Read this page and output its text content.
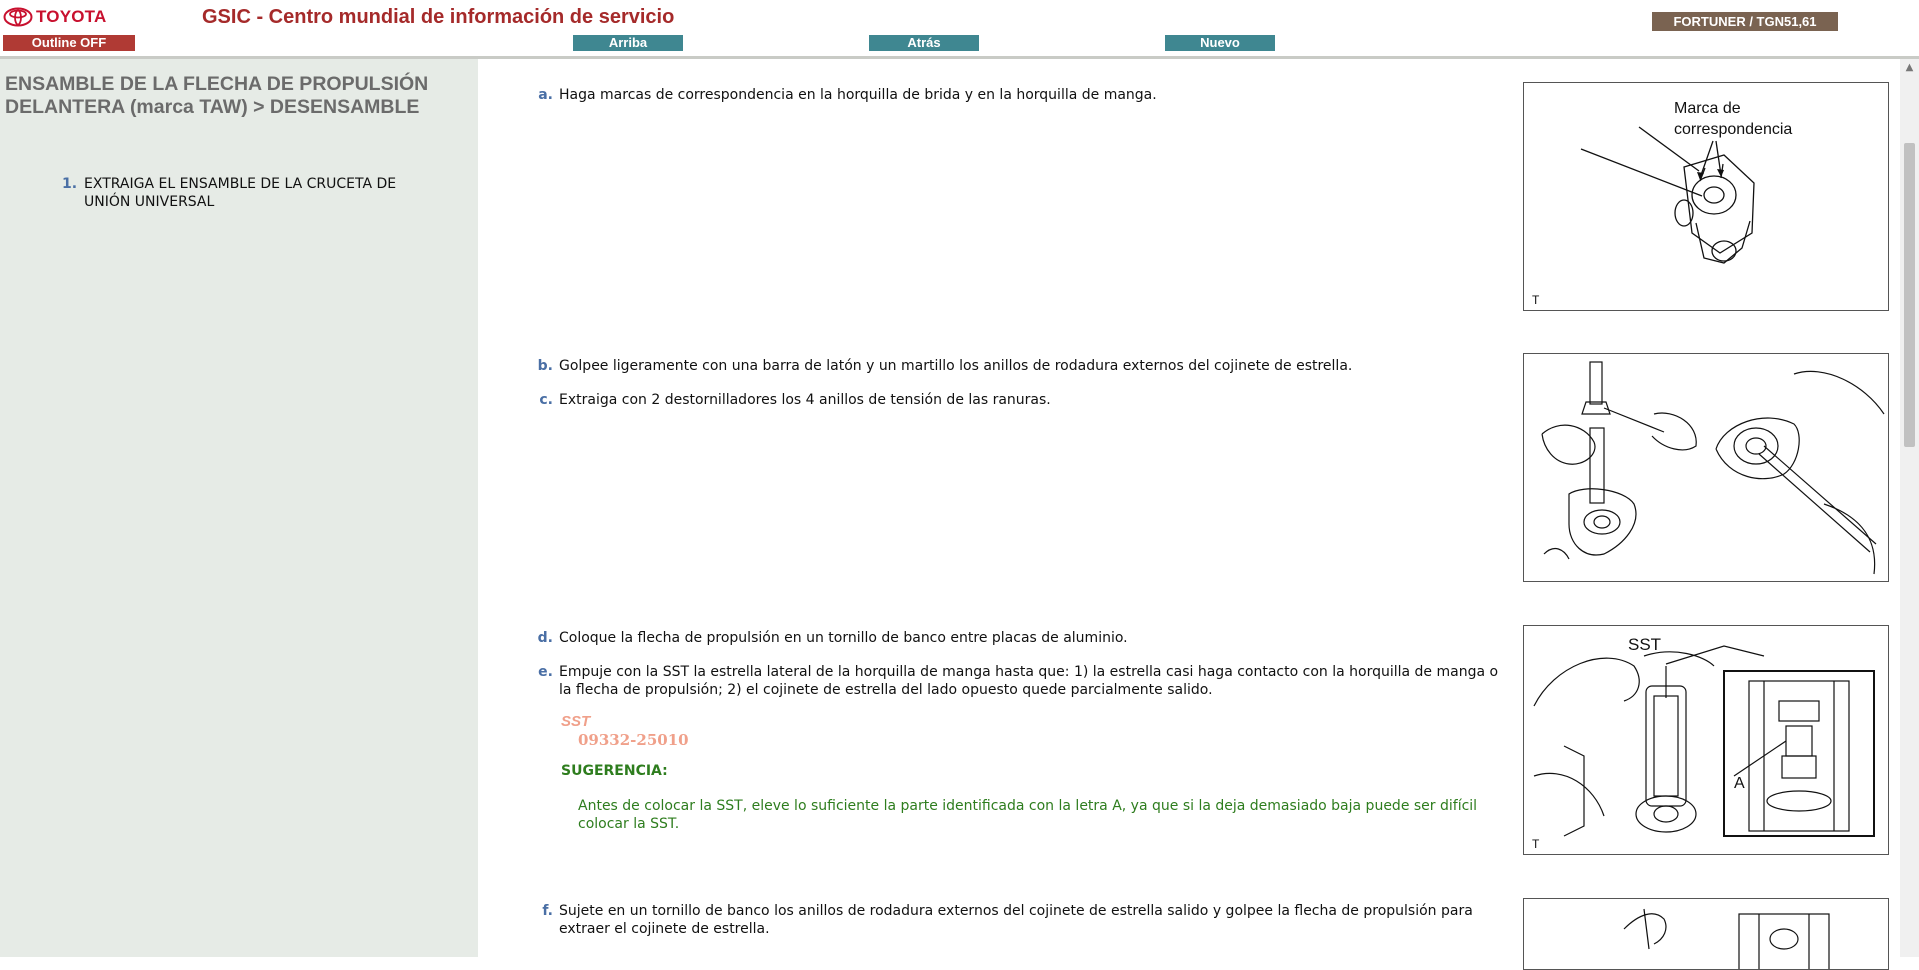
TOYOTA	GSIC - Centro mundial de información de servicio	FORTUNER / TGN51,61
Outline OFF	Arriba	Atrás	Nuevo
ENSAMBLE DE LA FLECHA DE PROPULSIÓN DELANTERA (marca TAW) > DESENSAMBLE
1. EXTRAIGA EL ENSAMBLE DE LA CRUCETA DE UNIÓN UNIVERSAL
a. Haga marcas de correspondencia en la horquilla de brida y en la horquilla de manga.
b. Golpee ligeramente con una barra de latón y un martillo los anillos de rodadura externos del cojinete de estrella.
c. Extraiga con 2 destornilladores los 4 anillos de tensión de las ranuras.
d. Coloque la flecha de propulsión en un tornillo de banco entre placas de aluminio.
e. Empuje con la SST la estrella lateral de la horquilla de manga hasta que: 1) la estrella casi haga contacto con la horquilla de manga o la flecha de propulsión; 2) el cojinete de estrella del lado opuesto quede parcialmente salido.
SST
09332-25010
SUGERENCIA:
Antes de colocar la SST, eleve lo suficiente la parte identificada con la letra A, ya que si la deja demasiado baja puede ser difícil colocar la SST.
f. Sujete en un tornillo de banco los anillos de rodadura externos del cojinete de estrella salido y golpee la flecha de propulsión para extraer el cojinete de estrella.
Marca de
correspondencia
T
SST
A
T
▲
